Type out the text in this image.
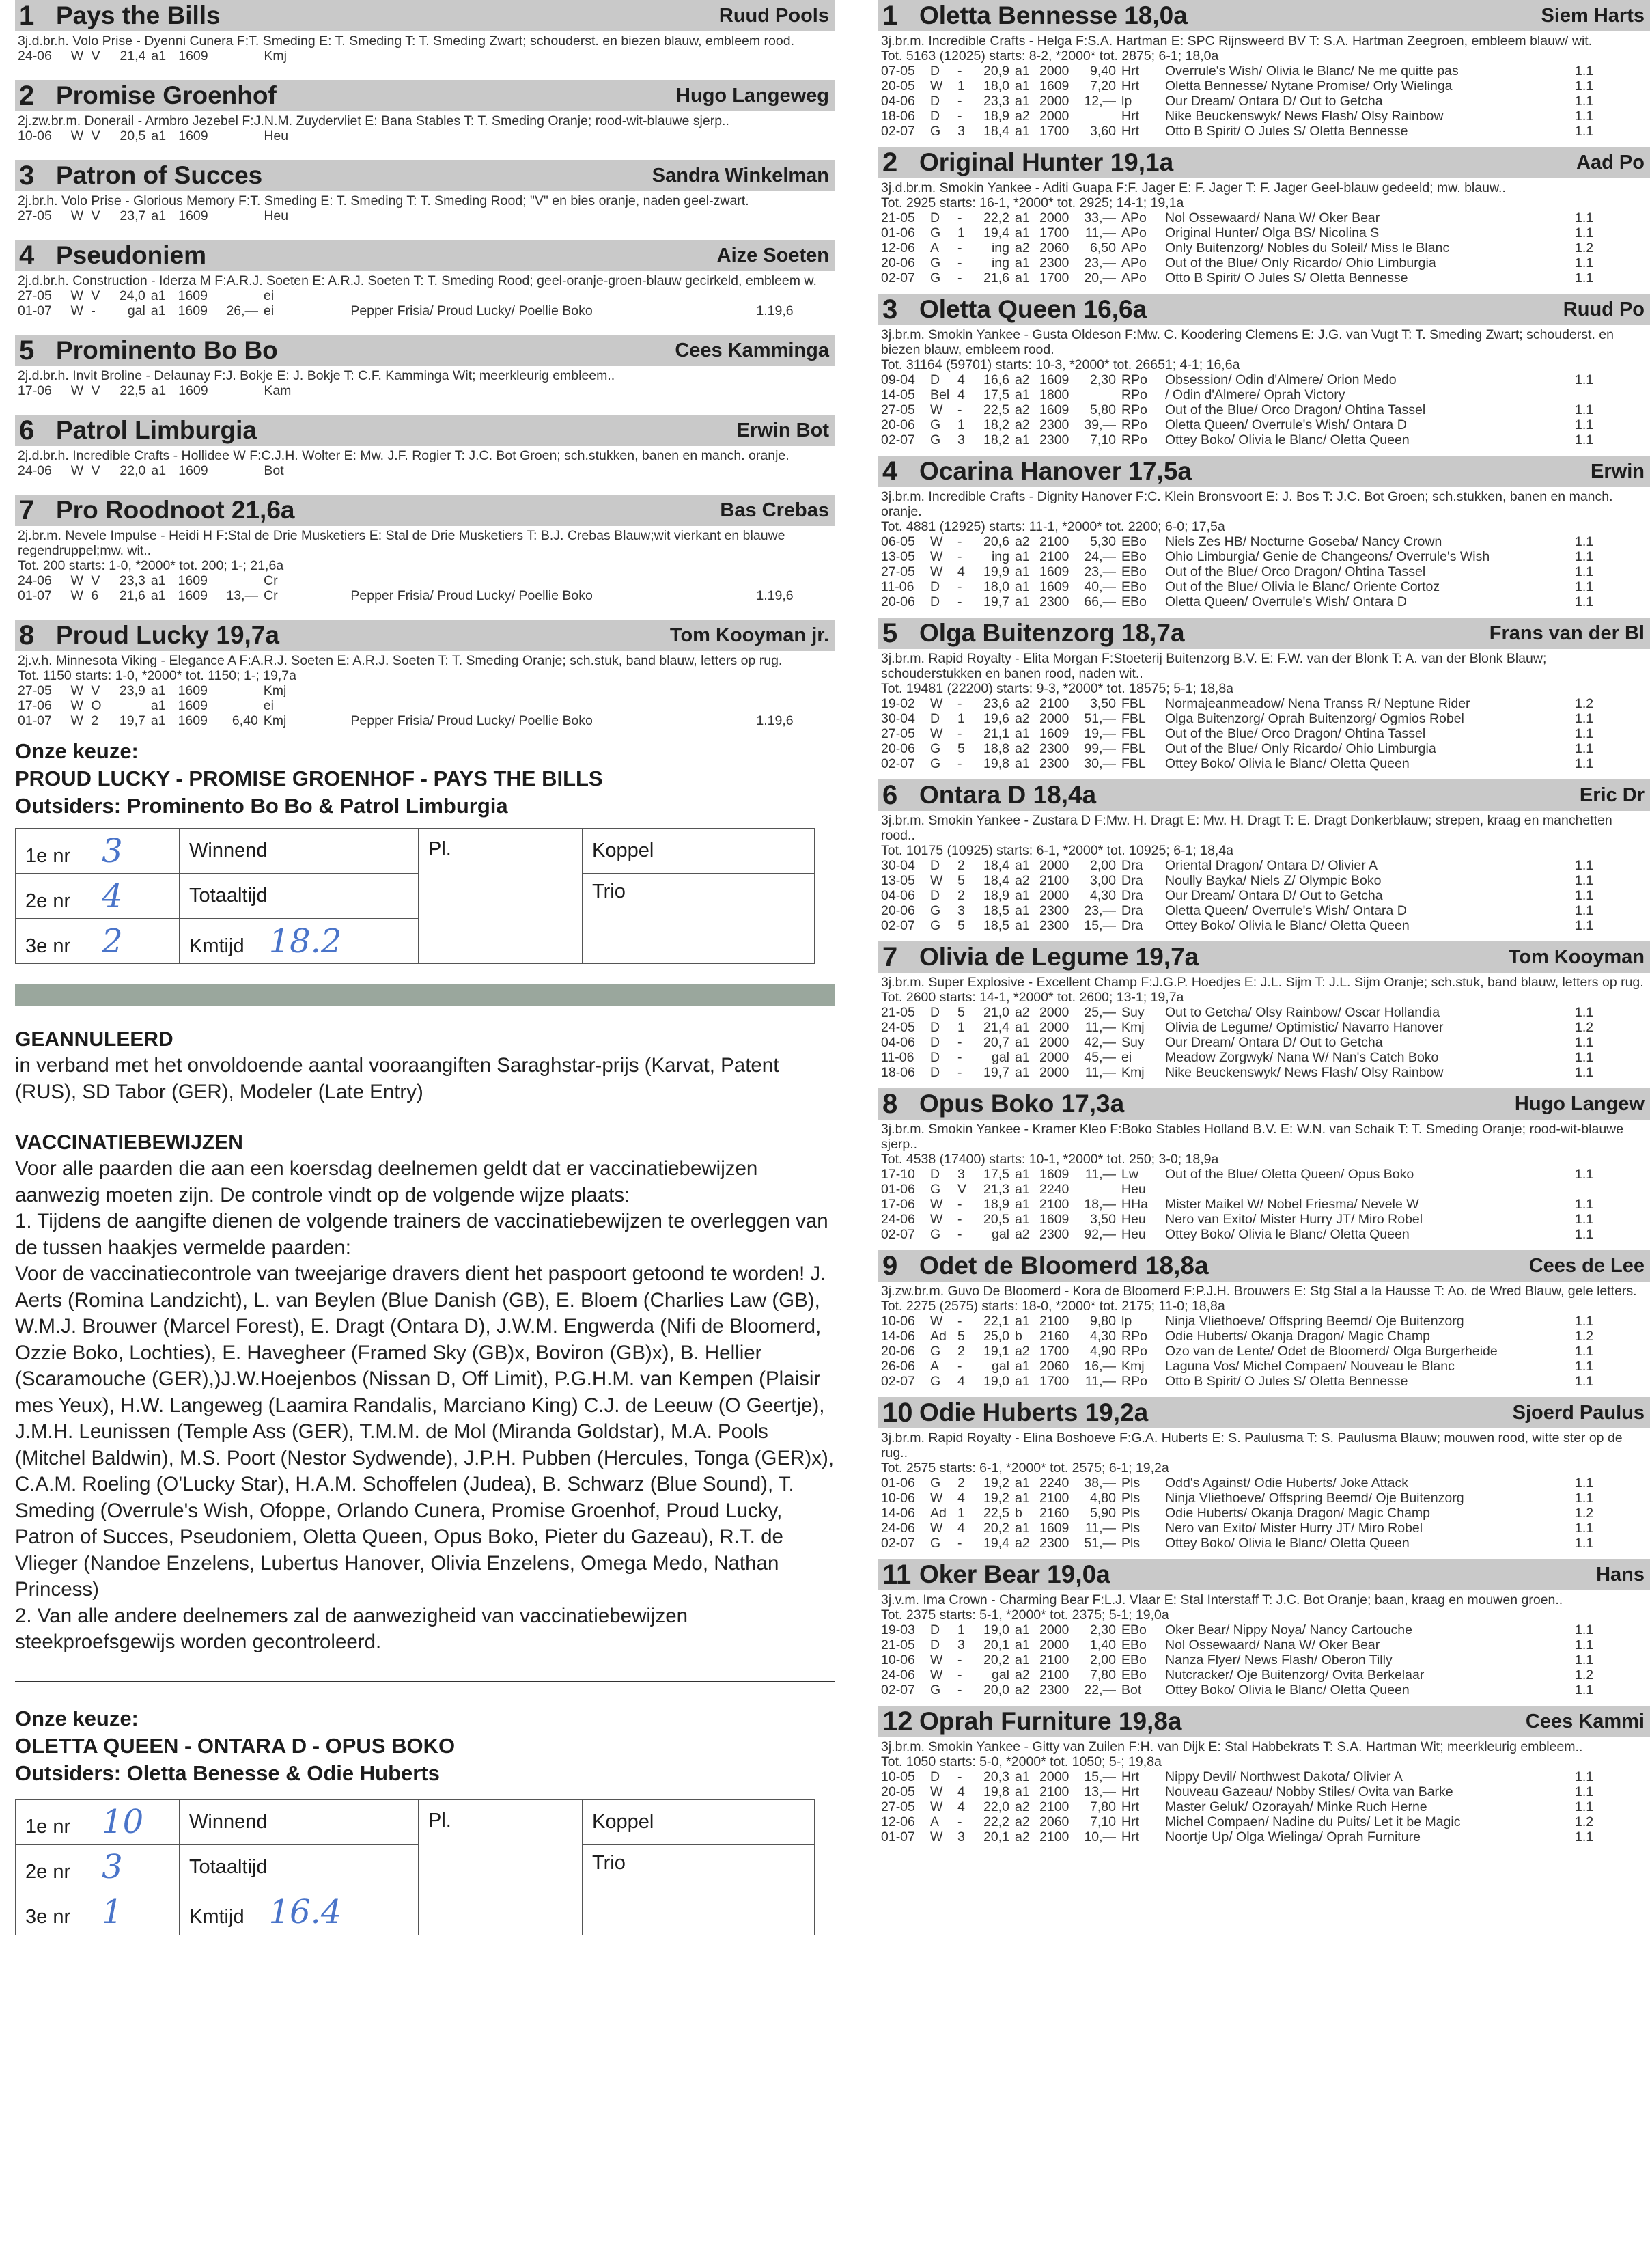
1 Pays the Bills	Ruud Pools
3j.d.br.h. Volo Prise - Dyenni Cunera F:T. Smeding E: T. Smeding T: T. Smeding Zwart; schouderst. en biezen blauw, embleem rood.
24-06	W	V	21,4	a1	1609		Kmj			
2 Promise Groenhof	Hugo Langeweg
2j.zw.br.m. Donerail - Armbro Jezebel F:J.N.M. Zuydervliet E: Bana Stables T: T. Smeding Oranje; rood-wit-blauwe sjerp..
10-06	W	V	20,5	a1	1609		Heu			
3 Patron of Succes	Sandra Winkelman
2j.br.h. Volo Prise - Glorious Memory F:T. Smeding E: T. Smeding T: T. Smeding Rood; "V" en bies oranje, naden geel-zwart.
27-05	W	V	23,7	a1	1609		Heu			
4 Pseudoniem	Aize Soeten
2j.d.br.h. Construction - Iderza M F:A.R.J. Soeten E: A.R.J. Soeten T: T. Smeding Rood; geel-oranje-groen-blauw gecirkeld, embleem w.
27-05	W	V	24,0	a1	1609		ei			
01-07	W	-	gal	a1	1609	26,—	ei	Pepper Frisia/ Proud Lucky/ Poellie Boko		1.19,6
5 Prominento Bo Bo	Cees Kamminga
2j.d.br.h. Invit Broline - Delaunay F:J. Bokje E: J. Bokje T: C.F. Kamminga Wit; meerkleurig embleem..
17-06	W	V	22,5	a1	1609		Kam			
6 Patrol Limburgia	Erwin Bot
2j.d.br.h. Incredible Crafts - Hollidee W F:C.J.H. Wolter E: Mw. J.F. Rogier T: J.C. Bot Groen; sch.stukken, banen en manch. oranje.
24-06	W	V	22,0	a1	1609		Bot			
7 Pro Roodnoot 21,6a	Bas Crebas
2j.br.m. Nevele Impulse - Heidi H F:Stal de Drie Musketiers E: Stal de Drie Musketiers T: B.J. Crebas Blauw;wit vierkant en blauwe regendruppel;mw. wit..
Tot. 200 starts: 1-0, *2000* tot. 200; 1-; 21,6a
24-06	W	V	23,3	a1	1609		Cr			
01-07	W	6	21,6	a1	1609	13,—	Cr	Pepper Frisia/ Proud Lucky/ Poellie Boko		1.19,6
8 Proud Lucky 19,7a	Tom Kooyman jr.
2j.v.h. Minnesota Viking - Elegance A F:A.R.J. Soeten E: A.R.J. Soeten T: T. Smeding Oranje; sch.stuk, band blauw, letters op rug.
Tot. 1150 starts: 1-0, *2000* tot. 1150; 1-; 19,7a
27-05	W	V	23,9	a1	1609		Kmj			
17-06	W	O		a1	1609		ei			
01-07	W	2	19,7	a1	1609	6,40	Kmj	Pepper Frisia/ Proud Lucky/ Poellie Boko		1.19,6
Onze keuze:
PROUD LUCKY - PROMISE GROENHOF - PAYS THE BILLS
Outsiders: Prominento Bo Bo & Patrol Limburgia
1e nr 3	Winnend	Pl.	Koppel
2e nr 4	Totaaltijd		Trio
3e nr 2	Kmtijd 18.2		
GEANNULEERD

in verband met het onvoldoende aantal vooraangiften Saraghstar-prijs (Karvat, Patent (RUS), SD Tabor (GER), Modeler (Late Entry)

VACCINATIEBEWIJZEN

Voor alle paarden die aan een koersdag deelnemen geldt dat er vaccinatiebewijzen aanwezig moeten zijn. De controle vindt op de volgende wijze plaats:

1. Tijdens de aangifte dienen de volgende trainers de vaccinatiebewijzen te overleggen van de tussen haakjes vermelde paarden:

Voor de vaccinatiecontrole van tweejarige dravers dient het paspoort getoond te worden! J. Aerts (Romina Landzicht), L. van Beylen (Blue Danish (GB), E. Bloem (Charlies Law (GB), W.M.J. Brouwer (Marcel Forest), E. Dragt (Ontara D), J.W.M. Engwerda (Nifi de Bloomerd, Ozzie Boko, Lochties), E. Havegheer (Framed Sky (GB)x, Boviron (GB)x), B. Hellier (Scaramouche (GER),)J.W.Hoejenbos (Nissan D, Off Limit), P.G.H.M. van Kempen (Plaisir mes Yeux), H.W. Langeweg (Laamira Randalis, Marciano King) C.J. de Leeuw (O Geertje), J.M.H. Leunissen (Temple Ass (GER), T.M.M. de Mol (Miranda Goldstar), M.A. Pools (Mitchel Baldwin), M.S. Poort (Nestor Sydwende), J.P.H. Pubben (Hercules, Tonga (GER)x), C.A.M. Roeling (O'Lucky Star), H.A.M. Schoffelen (Judea), B. Schwarz (Blue Sound), T. Smeding (Overrule's Wish, Ofoppe, Orlando Cunera, Promise Groenhof, Proud Lucky, Patron of Succes, Pseudoniem, Oletta Queen, Opus Boko, Pieter du Gazeau), R.T. de Vlieger (Nandoe Enzelens, Lubertus Hanover, Olivia Enzelens, Omega Medo, Nathan Princess)

2. Van alle andere deelnemers zal de aanwezigheid van vaccinatiebewijzen steekproefsgewijs worden gecontroleerd.

Onze keuze:
OLETTA QUEEN - ONTARA D - OPUS BOKO
Outsiders: Oletta Benesse & Odie Huberts
1e nr 10	Winnend	Pl.	Koppel
2e nr 3	Totaaltijd		Trio
3e nr 1	Kmtijd 16.4		
1 Oletta Bennesse 18,0a	Siem Harts
3j.br.m. Incredible Crafts - Helga F:S.A. Hartman E: SPC Rijnsweerd BV T: S.A. Hartman Zeegroen, embleem blauw/ wit.
Tot. 5163 (12025) starts: 8-2, *2000* tot. 2875; 6-1; 18,0a
07-05	D	-	20,9	a1	2000	9,40	Hrt	Overrule's Wish/ Olivia le Blanc/ Ne me quitte pas	1.1
20-05	W	1	18,0	a1	1609	7,20	Hrt	Oletta Bennesse/ Nytane Promise/ Orly Wielinga	1.1
04-06	D	-	23,3	a1	2000	12,—	lp	Our Dream/ Ontara D/ Out to Getcha	1.1
18-06	D	-	18,9	a2	2000		Hrt	Nike Beuckenswyk/ News Flash/ Olsy Rainbow	1.1
02-07	G	3	18,4	a1	1700	3,60	Hrt	Otto B Spirit/ O Jules S/ Oletta Bennesse	1.1
2 Original Hunter 19,1a	Aad Po
3j.d.br.m. Smokin Yankee - Aditi Guapa F:F. Jager E: F. Jager T: F. Jager Geel-blauw gedeeld; mw. blauw..
Tot. 2925 starts: 16-1, *2000* tot. 2925; 14-1; 19,1a
21-05	D	-	22,2	a1	2000	33,—	APo	Nol Ossewaard/ Nana W/ Oker Bear	1.1
01-06	G	1	19,4	a1	1700	11,—	APo	Original Hunter/ Olga BS/ Nicolina S	1.1
12-06	A	-	ing	a2	2060	6,50	APo	Only Buitenzorg/ Nobles du Soleil/ Miss le Blanc	1.2
20-06	G	-	ing	a1	2300	23,—	APo	Out of the Blue/ Only Ricardo/ Ohio Limburgia	1.1
02-07	G	-	21,6	a1	1700	20,—	APo	Otto B Spirit/ O Jules S/ Oletta Bennesse	1.1
3 Oletta Queen 16,6a	Ruud Po
3j.br.m. Smokin Yankee - Gusta Oldeson F:Mw. C. Koodering Clemens E: J.G. van Vugt T: T. Smeding Zwart; schouderst. en biezen blauw, embleem rood.
Tot. 31164 (59701) starts: 10-3, *2000* tot. 26651; 4-1; 16,6a
09-04	D	4	16,6	a2	1609	2,30	RPo	Obsession/ Odin d'Almere/ Orion Medo	1.1
14-05	Bel	4	17,5	a1	1800		RPo	/ Odin d'Almere/ Oprah Victory	
27-05	W	-	22,5	a2	1609	5,80	RPo	Out of the Blue/ Orco Dragon/ Ohtina Tassel	1.1
20-06	G	1	18,2	a2	2300	39,—	RPo	Oletta Queen/ Overrule's Wish/ Ontara D	1.1
02-07	G	3	18,2	a1	2300	7,10	RPo	Ottey Boko/ Olivia le Blanc/ Oletta Queen	1.1
4 Ocarina Hanover 17,5a	Erwin
3j.br.m. Incredible Crafts - Dignity Hanover F:C. Klein Bronsvoort E: J. Bos T: J.C. Bot Groen; sch.stukken, banen en manch. oranje.
Tot. 4881 (12925) starts: 11-1, *2000* tot. 2200; 6-0; 17,5a
06-05	W	-	20,6	a2	2100	5,30	EBo	Niels Zes HB/ Nocturne Goseba/ Nancy Crown	1.1
13-05	W	-	ing	a1	2100	24,—	EBo	Ohio Limburgia/ Genie de Changeons/ Overrule's Wish	1.1
27-05	W	4	19,9	a1	1609	23,—	EBo	Out of the Blue/ Orco Dragon/ Ohtina Tassel	1.1
11-06	D	-	18,0	a1	1609	40,—	EBo	Out of the Blue/ Olivia le Blanc/ Oriente Cortoz	1.1
20-06	D	-	19,7	a1	2300	66,—	EBo	Oletta Queen/ Overrule's Wish/ Ontara D	1.1
5 Olga Buitenzorg 18,7a	Frans van der Bl
3j.br.m. Rapid Royalty - Elita Morgan F:Stoeterij Buitenzorg B.V. E: F.W. van der Blonk T: A. van der Blonk Blauw; schouderstukken en banen rood, naden wit..
Tot. 19481 (22200) starts: 9-3, *2000* tot. 18575; 5-1; 18,8a
19-02	W	-	23,6	a2	2100	3,50	FBL	Normajeanmeadow/ Nena Transs R/ Neptune Rider	1.2
30-04	D	1	19,6	a2	2000	51,—	FBL	Olga Buitenzorg/ Oprah Buitenzorg/ Ogmios Robel	1.1
27-05	W	-	21,1	a1	1609	19,—	FBL	Out of the Blue/ Orco Dragon/ Ohtina Tassel	1.1
20-06	G	5	18,8	a2	2300	99,—	FBL	Out of the Blue/ Only Ricardo/ Ohio Limburgia	1.1
02-07	G	-	19,8	a1	2300	30,—	FBL	Ottey Boko/ Olivia le Blanc/ Oletta Queen	1.1
6 Ontara D 18,4a	Eric Dr
3j.br.m. Smokin Yankee - Zustara D F:Mw. H. Dragt E: Mw. H. Dragt T: E. Dragt Donkerblauw; strepen, kraag en manchetten rood..
Tot. 10175 (10925) starts: 6-1, *2000* tot. 10925; 6-1; 18,4a
30-04	D	2	18,4	a1	2000	2,00	Dra	Oriental Dragon/ Ontara D/ Olivier A	1.1
13-05	W	5	18,4	a2	2100	3,00	Dra	Noully Bayka/ Niels Z/ Olympic Boko	1.1
04-06	D	2	18,9	a1	2000	4,30	Dra	Our Dream/ Ontara D/ Out to Getcha	1.1
20-06	G	3	18,5	a1	2300	23,—	Dra	Oletta Queen/ Overrule's Wish/ Ontara D	1.1
02-07	G	5	18,5	a1	2300	15,—	Dra	Ottey Boko/ Olivia le Blanc/ Oletta Queen	1.1
7 Olivia de Legume 19,7a	Tom Kooyman
3j.br.m. Super Explosive - Excellent Champ F:J.G.P. Hoedjes E: J.L. Sijm T: J.L. Sijm Oranje; sch.stuk, band blauw, letters op rug.
Tot. 2600 starts: 14-1, *2000* tot. 2600; 13-1; 19,7a
21-05	D	5	21,0	a2	2000	25,—	Suy	Out to Getcha/ Olsy Rainbow/ Oscar Hollandia	1.1
24-05	D	1	21,4	a1	2000	11,—	Kmj	Olivia de Legume/ Optimistic/ Navarro Hanover	1.2
04-06	D	-	20,7	a1	2000	42,—	Suy	Our Dream/ Ontara D/ Out to Getcha	1.1
11-06	D	-	gal	a1	2000	45,—	ei	Meadow Zorgwyk/ Nana W/ Nan's Catch Boko	1.1
18-06	D	-	19,7	a1	2000	11,—	Kmj	Nike Beuckenswyk/ News Flash/ Olsy Rainbow	1.1
8 Opus Boko 17,3a	Hugo Langew
3j.br.m. Smokin Yankee - Kramer Kleo F:Boko Stables Holland B.V. E: W.N. van Schaik T: T. Smeding Oranje; rood-wit-blauwe sjerp..
Tot. 4538 (17400) starts: 10-1, *2000* tot. 250; 3-0; 18,9a
17-10	D	3	17,5	a1	1609	11,—	Lw	Out of the Blue/ Oletta Queen/ Opus Boko	1.1
01-06	G	V	21,3	a1	2240		Heu		
17-06	W	-	18,9	a1	2100	18,—	HHa	Mister Maikel W/ Nobel Friesma/ Nevele W	1.1
24-06	W	-	20,5	a1	1609	3,50	Heu	Nero van Exito/ Mister Hurry JT/ Miro Robel	1.1
02-07	G	-	gal	a2	2300	92,—	Heu	Ottey Boko/ Olivia le Blanc/ Oletta Queen	1.1
9 Odet de Bloomerd 18,8a	Cees de Lee
3j.zw.br.m. Guvo De Bloomerd - Kora de Bloomerd F:P.J.H. Brouwers E: Stg Stal a la Hausse T: Ao. de Wred Blauw, gele letters.
Tot. 2275 (2575) starts: 18-0, *2000* tot. 2175; 11-0; 18,8a
10-06	W	-	22,1	a1	2100	9,80	lp	Ninja Vliethoeve/ Offspring Beemd/ Oje Buitenzorg	1.1
14-06	Ad	5	25,0	b	2160	4,30	RPo	Odie Huberts/ Okanja Dragon/ Magic Champ	1.2
20-06	G	2	19,1	a2	1700	4,90	RPo	Ozo van de Lente/ Odet de Bloomerd/ Olga Burgerheide	1.1
26-06	A	-	gal	a1	2060	16,—	Kmj	Laguna Vos/ Michel Compaen/ Nouveau le Blanc	1.1
02-07	G	4	19,0	a1	1700	11,—	RPo	Otto B Spirit/ O Jules S/ Oletta Bennesse	1.1
10 Odie Huberts 19,2a	Sjoerd Paulus
3j.br.m. Rapid Royalty - Elina Boshoeve F:G.A. Huberts E: S. Paulusma T: S. Paulusma Blauw; mouwen rood, witte ster op de rug..
Tot. 2575 starts: 6-1, *2000* tot. 2575; 6-1; 19,2a
01-06	G	2	19,2	a1	2240	38,—	Pls	Odd's Against/ Odie Huberts/ Joke Attack	1.1
10-06	W	4	19,2	a1	2100	4,80	Pls	Ninja Vliethoeve/ Offspring Beemd/ Oje Buitenzorg	1.1
14-06	Ad	1	22,5	b	2160	5,90	Pls	Odie Huberts/ Okanja Dragon/ Magic Champ	1.2
24-06	W	4	20,2	a1	1609	11,—	Pls	Nero van Exito/ Mister Hurry JT/ Miro Robel	1.1
02-07	G	-	19,4	a2	2300	51,—	Pls	Ottey Boko/ Olivia le Blanc/ Oletta Queen	1.1
11 Oker Bear 19,0a	Hans
3j.v.m. Ima Crown - Charming Bear F:L.J. Vlaar E: Stal Interstaff T: J.C. Bot Oranje; baan, kraag en mouwen groen..
Tot. 2375 starts: 5-1, *2000* tot. 2375; 5-1; 19,0a
19-03	D	1	19,0	a1	2000	2,30	EBo	Oker Bear/ Nippy Noya/ Nancy Cartouche	1.1
21-05	D	3	20,1	a1	2000	1,40	EBo	Nol Ossewaard/ Nana W/ Oker Bear	1.1
10-06	W	-	20,2	a1	2100	2,00	EBo	Nanza Flyer/ News Flash/ Oberon Tilly	1.1
24-06	W	-	gal	a2	2100	7,80	EBo	Nutcracker/ Oje Buitenzorg/ Ovita Berkelaar	1.2
02-07	G	-	20,0	a2	2300	22,—	Bot	Ottey Boko/ Olivia le Blanc/ Oletta Queen	1.1
12 Oprah Furniture 19,8a	Cees Kammi
3j.br.m. Smokin Yankee - Gitty van Zuilen F:H. van Dijk E: Stal Habbekrats T: S.A. Hartman Wit; meerkleurig embleem..
Tot. 1050 starts: 5-0, *2000* tot. 1050; 5-; 19,8a
10-05	D	-	20,3	a1	2000	15,—	Hrt	Nippy Devil/ Northwest Dakota/ Olivier A	1.1
20-05	W	4	19,8	a1	2100	13,—	Hrt	Nouveau Gazeau/ Nobby Stiles/ Ovita van Barke	1.1
27-05	W	4	22,0	a2	2100	7,80	Hrt	Master Geluk/ Ozorayah/ Minke Ruch Herne	1.1
12-06	A	-	22,2	a2	2060	7,10	Hrt	Michel Compaen/ Nadine du Puits/ Let it be Magic	1.2
01-07	W	3	20,1	a2	2100	10,—	Hrt	Noortje Up/ Olga Wielinga/ Oprah Furniture	1.1
